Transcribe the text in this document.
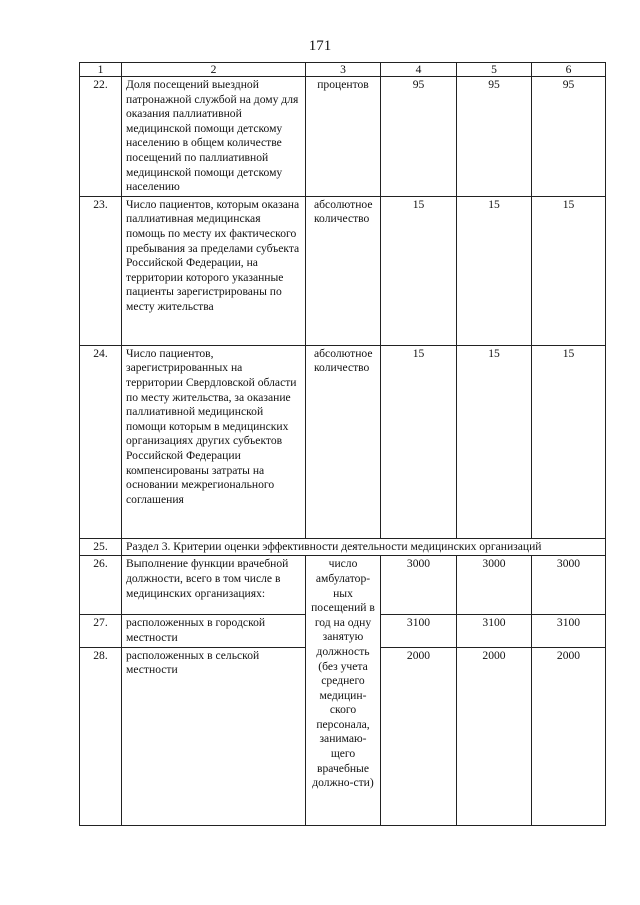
171
1	2	3	4	5	6
22.	Доля посещений выездной патронажной службой на дому для оказания паллиативной медицинской помощи детскому населению в общем количестве посещений по паллиативной медицинской помощи детскому населению	процентов	95	95	95
23.	Число пациентов, которым оказана паллиативная медицинская помощь по месту их фактического пребывания за пределами субъекта Российской Федерации, на территории которого указанные пациенты зарегистрированы по месту жительства	абсолютное количество	15	15	15
24.	Число пациентов, зарегистрированных на территории Свердловской области по месту жительства, за оказание паллиативной медицинской помощи которым в медицинских организациях других субъектов Российской Федерации компенсированы затраты на основании межрегионального соглашения	абсолютное количество	15	15	15
25.	Раздел 3. Критерии оценки эффективности деятельности медицинских организаций				
26.	Выполнение функции врачебной должности, всего в том числе в медицинских организациях:	число амбулатор-ных посещений в год на одну занятую должность (без учета среднего медицин-ского персонала, занимаю-щего врачебные должно-сти)	3000	3000	3000
27.	расположенных в городской местности		3100	3100	3100
28.	расположенных в сельской местности		2000	2000	2000
